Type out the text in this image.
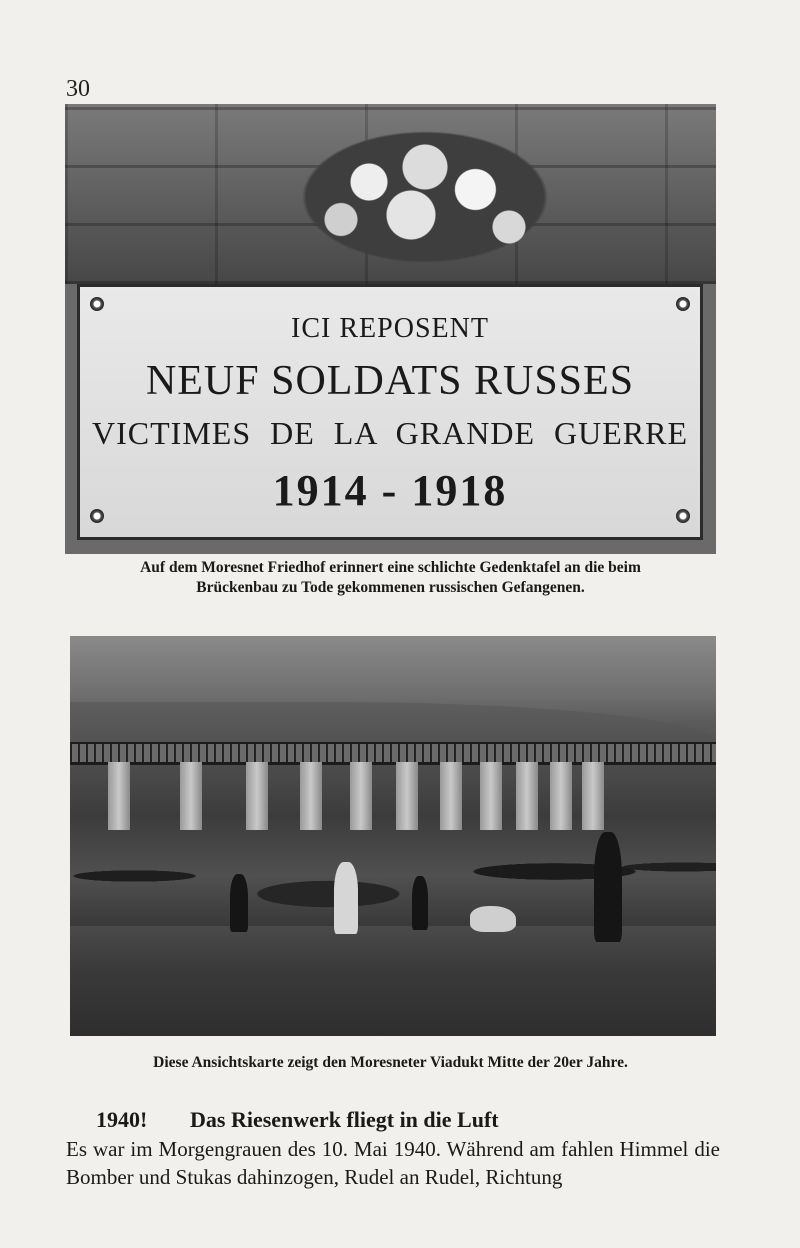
30
ICI REPOSENT
NEUF SOLDATS RUSSES
VICTIMES DE LA GRANDE GUERRE
1914 - 1918
Auf dem Moresnet Friedhof erinnert eine schlichte Gedenktafel an die beim
Brückenbau zu Tode gekommenen russischen Gefangenen.
Diese Ansichtskarte zeigt den Moresneter Viadukt Mitte der 20er Jahre.
1940! Das Riesenwerk fliegt in die Luft
Es war im Morgengrauen des 10. Mai 1940. Während am fahlen Himmel die Bomber und Stukas dahinzogen, Rudel an Rudel, Richtung
